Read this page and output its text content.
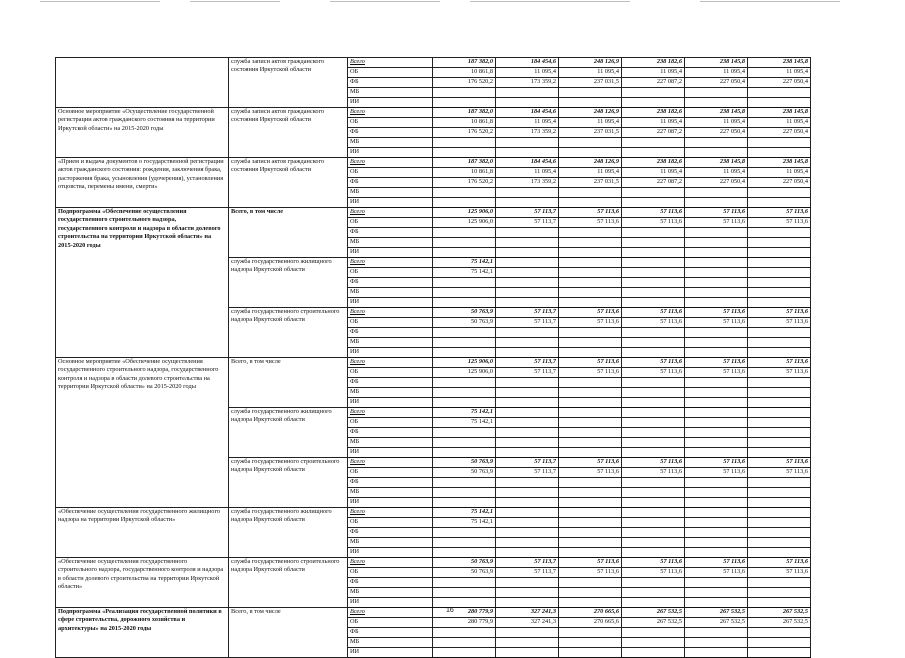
	служба записи актов гражданского состояния Иркутской области	Всего	187 382,0	184 454,6	248 126,9	238 182,6	238 145,8	238 145,8
		ОБ	10 861,8	11 095,4	11 095,4	11 095,4	11 095,4	11 095,4
		ФБ	176 520,2	173 359,2	237 031,5	227 087,2	227 050,4	227 050,4
		МБ						
		ИИ						
Основное мероприятие «Осуществление государственной регистрации актов гражданского состояния на территории Иркутской области» на 2015-2020 годы	служба записи актов гражданского состояния Иркутской области	Всего	187 382,0	184 454,6	248 126,9	238 182,6	238 145,8	238 145,8
		ОБ	10 861,8	11 095,4	11 095,4	11 095,4	11 095,4	11 095,4
		ФБ	176 520,2	173 359,2	237 031,5	227 087,2	227 050,4	227 050,4
		МБ						
		ИИ						
«Прием и выдача документов о государственной регистрации актов гражданского состояния: рождения, заключения брака, расторжения брака, усыновления (удочерения), установления отцовства, перемены имени, смерти»	служба записи актов гражданского состояния Иркутской области	Всего	187 382,0	184 454,6	248 126,9	238 182,6	238 145,8	238 145,8
		ОБ	10 861,8	11 095,4	11 095,4	11 095,4	11 095,4	11 095,4
		ФБ	176 520,2	173 359,2	237 031,5	227 087,2	227 050,4	227 050,4
		МБ						
		ИИ						
Подпрограмма «Обеспечение осуществления государственного строительного надзора, государственного контроля и надзора в области долевого строительства на территории Иркутской области» на 2015-2020 годы	Всего, в том числе	Всего	125 906,0	57 113,7	57 113,6	57 113,6	57 113,6	57 113,6
		ОБ	125 906,0	57 113,7	57 113,6	57 113,6	57 113,6	57 113,6
		ФБ						
		МБ						
		ИИ						
	служба государственного жилищного надзора Иркутской области	Всего	75 142,1					
		ОБ	75 142,1					
		ФБ						
		МБ						
		ИИ						
	служба государственного строительного надзора Иркутской области	Всего	50 763,9	57 113,7	57 113,6	57 113,6	57 113,6	57 113,6
		ОБ	50 763,9	57 113,7	57 113,6	57 113,6	57 113,6	57 113,6
		ФБ						
		МБ						
		ИИ						
Основное мероприятие «Обеспечение осуществления государственного строительного надзора, государственного контроля и надзора в области долевого строительства на территории Иркутской области» на 2015-2020 годы	Всего, в том числе	Всего	125 906,0	57 113,7	57 113,6	57 113,6	57 113,6	57 113,6
		ОБ	125 906,0	57 113,7	57 113,6	57 113,6	57 113,6	57 113,6
		ФБ						
		МБ						
		ИИ						
	служба государственного жилищного надзора Иркутской области	Всего	75 142,1					
		ОБ	75 142,1					
		ФБ						
		МБ						
		ИИ						
	служба государственного строительного надзора Иркутской области	Всего	50 763,9	57 113,7	57 113,6	57 113,6	57 113,6	57 113,6
		ОБ	50 763,9	57 113,7	57 113,6	57 113,6	57 113,6	57 113,6
		ФБ						
		МБ						
		ИИ						
«Обеспечение осуществления государственного жилищного надзора на территории Иркутской области»	служба государственного жилищного надзора Иркутской области	Всего	75 142,1					
		ОБ	75 142,1					
		ФБ						
		МБ						
		ИИ						
«Обеспечение осуществления государственного строительного надзора, государственного контроля и надзора в области долевого строительства на территории Иркутской области»	служба государственного строительного надзора Иркутской области	Всего	50 763,9	57 113,7	57 113,6	57 113,6	57 113,6	57 113,6
		ОБ	50 763,9	57 113,7	57 113,6	57 113,6	57 113,6	57 113,6
		ФБ						
		МБ						
		ИИ						
Подпрограмма «Реализация государственной политики в сфере строительства, дорожного хозяйства и архитектуры» на 2015-2020 годы	Всего, в том числе	Всего	280 779,9	327 241,3	270 665,6	267 532,5	267 532,5	267 532,5
		ОБ	280 779,9	327 241,3	270 665,6	267 532,5	267 532,5	267 532,5
		ФБ						
		МБ						
		ИИ						
16
